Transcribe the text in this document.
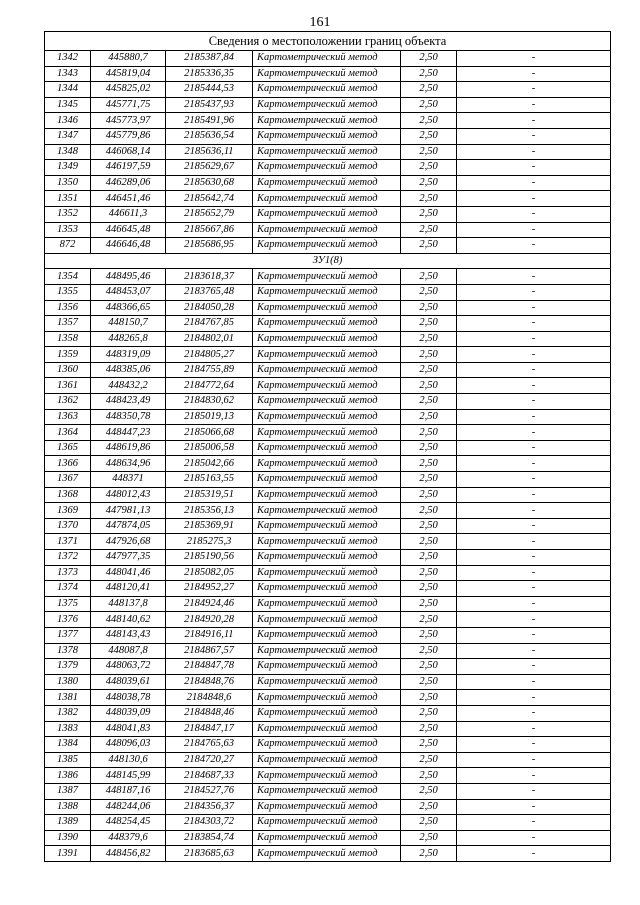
161
Сведения о местоположении границ объекта					
1342	445880,7	2185387,84	Картометрический метод	2,50	-
1343	445819,04	2185336,35	Картометрический метод	2,50	-
1344	445825,02	2185444,53	Картометрический метод	2,50	-
1345	445771,75	2185437,93	Картометрический метод	2,50	-
1346	445773,97	2185491,96	Картометрический метод	2,50	-
1347	445779,86	2185636,54	Картометрический метод	2,50	-
1348	446068,14	2185636,11	Картометрический метод	2,50	-
1349	446197,59	2185629,67	Картометрический метод	2,50	-
1350	446289,06	2185630,68	Картометрический метод	2,50	-
1351	446451,46	2185642,74	Картометрический метод	2,50	-
1352	446611,3	2185652,79	Картометрический метод	2,50	-
1353	446645,48	2185667,86	Картометрический метод	2,50	-
872	446646,48	2185686,95	Картометрический метод	2,50	-
ЗУ1(8)					
1354	448495,46	2183618,37	Картометрический метод	2,50	-
1355	448453,07	2183765,48	Картометрический метод	2,50	-
1356	448366,65	2184050,28	Картометрический метод	2,50	-
1357	448150,7	2184767,85	Картометрический метод	2,50	-
1358	448265,8	2184802,01	Картометрический метод	2,50	-
1359	448319,09	2184805,27	Картометрический метод	2,50	-
1360	448385,06	2184755,89	Картометрический метод	2,50	-
1361	448432,2	2184772,64	Картометрический метод	2,50	-
1362	448423,49	2184830,62	Картометрический метод	2,50	-
1363	448350,78	2185019,13	Картометрический метод	2,50	-
1364	448447,23	2185066,68	Картометрический метод	2,50	-
1365	448619,86	2185006,58	Картометрический метод	2,50	-
1366	448634,96	2185042,66	Картометрический метод	2,50	-
1367	448371	2185163,55	Картометрический метод	2,50	-
1368	448012,43	2185319,51	Картометрический метод	2,50	-
1369	447981,13	2185356,13	Картометрический метод	2,50	-
1370	447874,05	2185369,91	Картометрический метод	2,50	-
1371	447926,68	2185275,3	Картометрический метод	2,50	-
1372	447977,35	2185190,56	Картометрический метод	2,50	-
1373	448041,46	2185082,05	Картометрический метод	2,50	-
1374	448120,41	2184952,27	Картометрический метод	2,50	-
1375	448137,8	2184924,46	Картометрический метод	2,50	-
1376	448140,62	2184920,28	Картометрический метод	2,50	-
1377	448143,43	2184916,11	Картометрический метод	2,50	-
1378	448087,8	2184867,57	Картометрический метод	2,50	-
1379	448063,72	2184847,78	Картометрический метод	2,50	-
1380	448039,61	2184848,76	Картометрический метод	2,50	-
1381	448038,78	2184848,6	Картометрический метод	2,50	-
1382	448039,09	2184848,46	Картометрический метод	2,50	-
1383	448041,83	2184847,17	Картометрический метод	2,50	-
1384	448096,03	2184765,63	Картометрический метод	2,50	-
1385	448130,6	2184720,27	Картометрический метод	2,50	-
1386	448145,99	2184687,33	Картометрический метод	2,50	-
1387	448187,16	2184527,76	Картометрический метод	2,50	-
1388	448244,06	2184356,37	Картометрический метод	2,50	-
1389	448254,45	2184303,72	Картометрический метод	2,50	-
1390	448379,6	2183854,74	Картометрический метод	2,50	-
1391	448456,82	2183685,63	Картометрический метод	2,50	-
